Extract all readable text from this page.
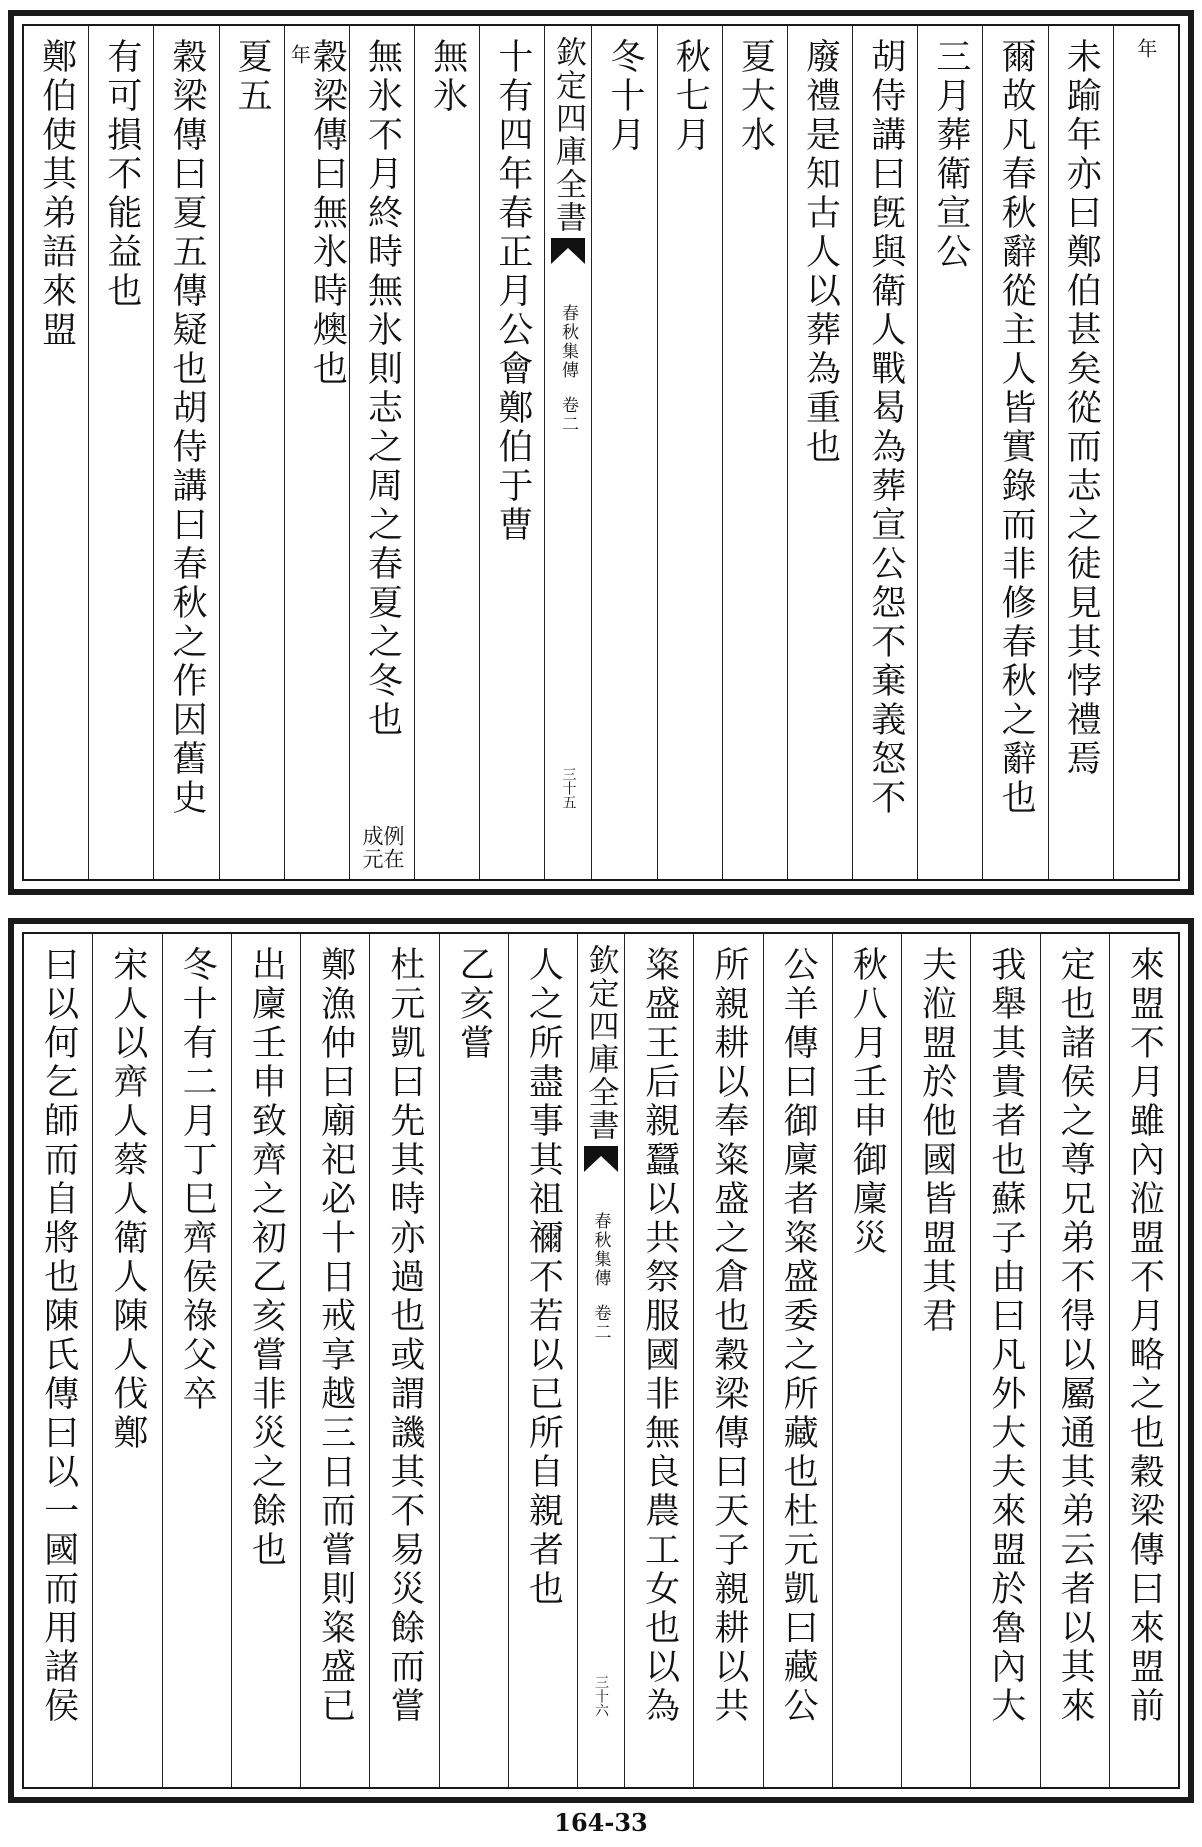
年
未踰年亦曰鄭伯甚矣從而志之徒見其悖禮焉
爾故凡春秋辭從主人皆實錄而非修春秋之辭也
三月葬衛宣公
胡侍講曰旣與衛人戰曷為葬宣公怨不棄義怒不
廢禮是知古人以葬為重也
夏大水
秋七月
冬十月
欽定四庫全書
春秋集傳
卷二
三十五
十有四年春正月公會鄭伯于曹
無氷
無氷不月終時無氷則志之周之春夏之冬也
例在
成元
年
穀梁傳曰無氷時燠也
夏五
穀梁傳曰夏五傳疑也胡侍講曰春秋之作因舊史
有可損不能益也
鄭伯使其弟語來盟
來盟不月雖內涖盟不月略之也穀梁傳曰來盟前
定也諸侯之尊兄弟不得以屬通其弟云者以其來
我舉其貴者也蘇子由曰凡外大夫來盟於魯內大
夫涖盟於他國皆盟其君
秋八月壬申御廩災
公羊傳曰御廩者粢盛委之所藏也杜元凱曰藏公
所親耕以奉粢盛之倉也穀梁傳曰天子親耕以共
粢盛王后親蠶以共祭服國非無良農工女也以為
欽定四庫全書
春秋集傳
卷二
三十六
人之所盡事其祖禰不若以已所自親者也
乙亥嘗
杜元凱曰先其時亦過也或謂譏其不易災餘而嘗
鄭漁仲曰廟祀必十日戒享越三日而嘗則粢盛已
出廩壬申致齊之初乙亥嘗非災之餘也
冬十有二月丁巳齊侯祿父卒
宋人以齊人蔡人衛人陳人伐鄭
曰以何乞師而自將也陳氏傳曰以一國而用諸侯
164-33
